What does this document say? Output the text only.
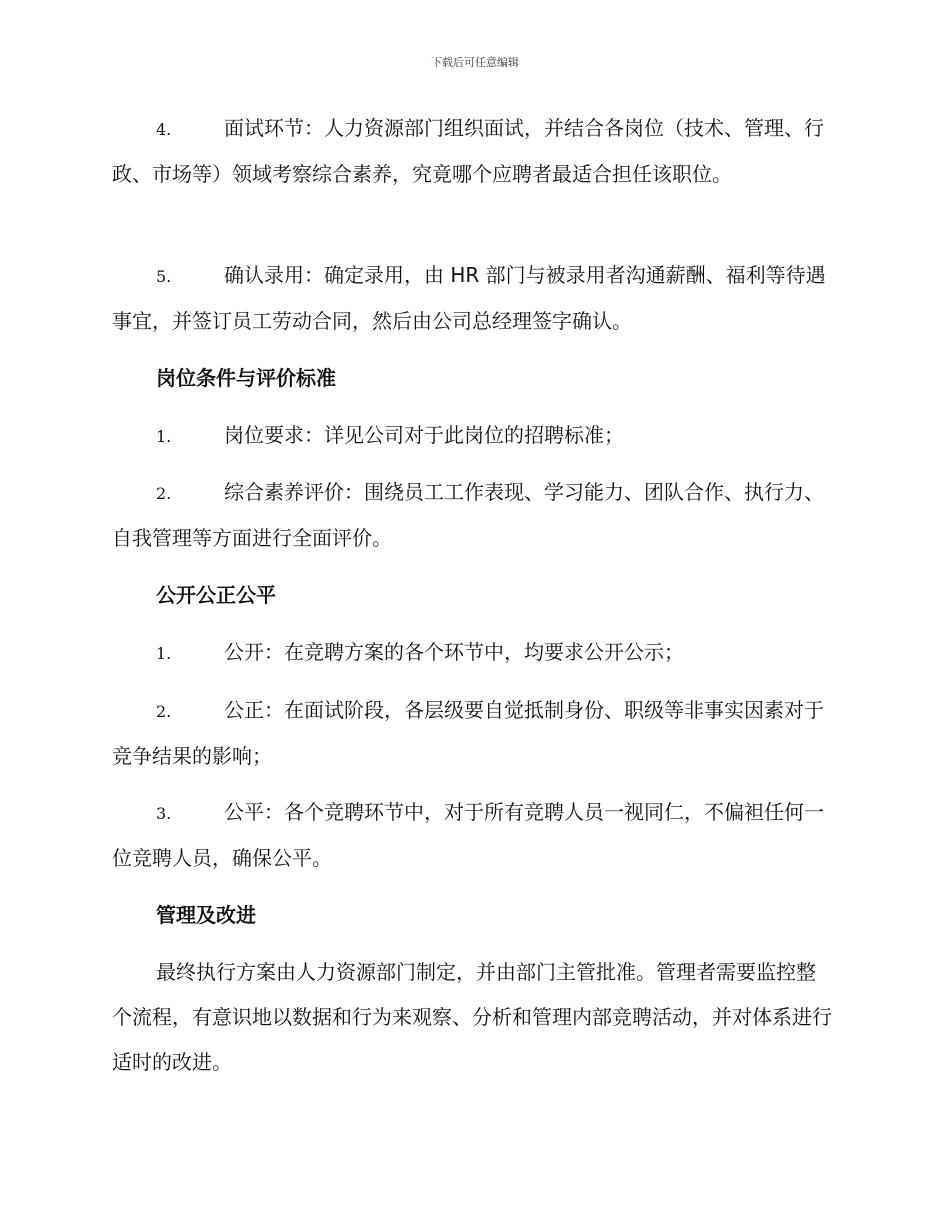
下载后可任意编辑
4.	面试环节：人力资源部门组织面试，并结合各岗位（技术、管理、行政、市场等）领域考察综合素养，究竟哪个应聘者最适合担任该职位。
5.	确认录用：确定录用，由 HR 部门与被录用者沟通薪酬、福利等待遇事宜，并签订员工劳动合同，然后由公司总经理签字确认。
岗位条件与评价标准
1.	岗位要求：详见公司对于此岗位的招聘标准；
2.	综合素养评价：围绕员工工作表现、学习能力、团队合作、执行力、自我管理等方面进行全面评价。
公开公正公平
1.	公开：在竞聘方案的各个环节中，均要求公开公示；
2.	公正：在面试阶段，各层级要自觉抵制身份、职级等非事实因素对于竞争结果的影响；
3.	公平：各个竞聘环节中，对于所有竞聘人员一视同仁，不偏袒任何一位竞聘人员，确保公平。
管理及改进
最终执行方案由人力资源部门制定，并由部门主管批准。管理者需要监控整个流程，有意识地以数据和行为来观察、分析和管理内部竞聘活动，并对体系进行适时的改进。
